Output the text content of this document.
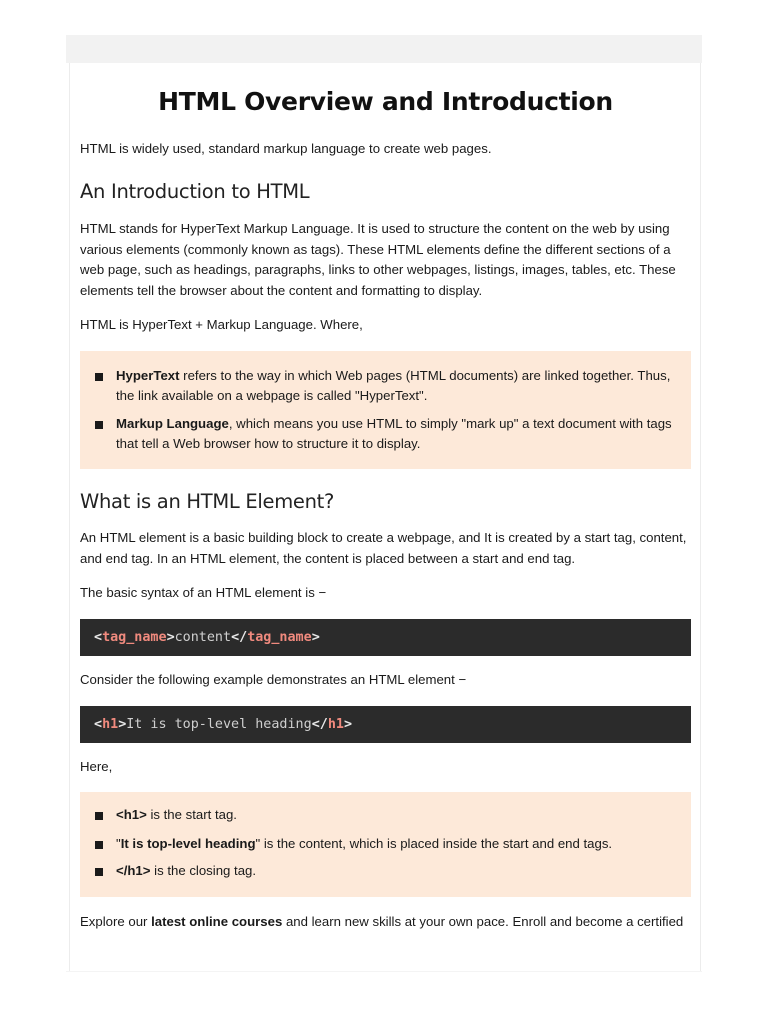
HTML Overview and Introduction

HTML is widely used, standard markup language to create web pages.

An Introduction to HTML

HTML stands for HyperText Markup Language. It is used to structure the content on the web by using various elements (commonly known as tags). These HTML elements define the different sections of a web page, such as headings, paragraphs, links to other webpages, listings, images, tables, etc. These elements tell the browser about the content and formatting to display.

HTML is HyperText + Markup Language. Where,

HyperText refers to the way in which Web pages (HTML documents) are linked together. Thus, the link available on a webpage is called "HyperText".
Markup Language, which means you use HTML to simply "mark up" a text document with tags that tell a Web browser how to structure it to display.
What is an HTML Element?

An HTML element is a basic building block to create a webpage, and It is created by a start tag, content, and end tag. In an HTML element, the content is placed between a start and end tag.

The basic syntax of an HTML element is −

<tag_name>content</tag_name>

Consider the following example demonstrates an HTML element −

<h1>It is top-level heading</h1>

Here,

<h1> is the start tag.
"It is top-level heading" is the content, which is placed inside the start and end tags.
</h1> is the closing tag.

Explore our latest online courses and learn new skills at your own pace. Enroll and become a certified
